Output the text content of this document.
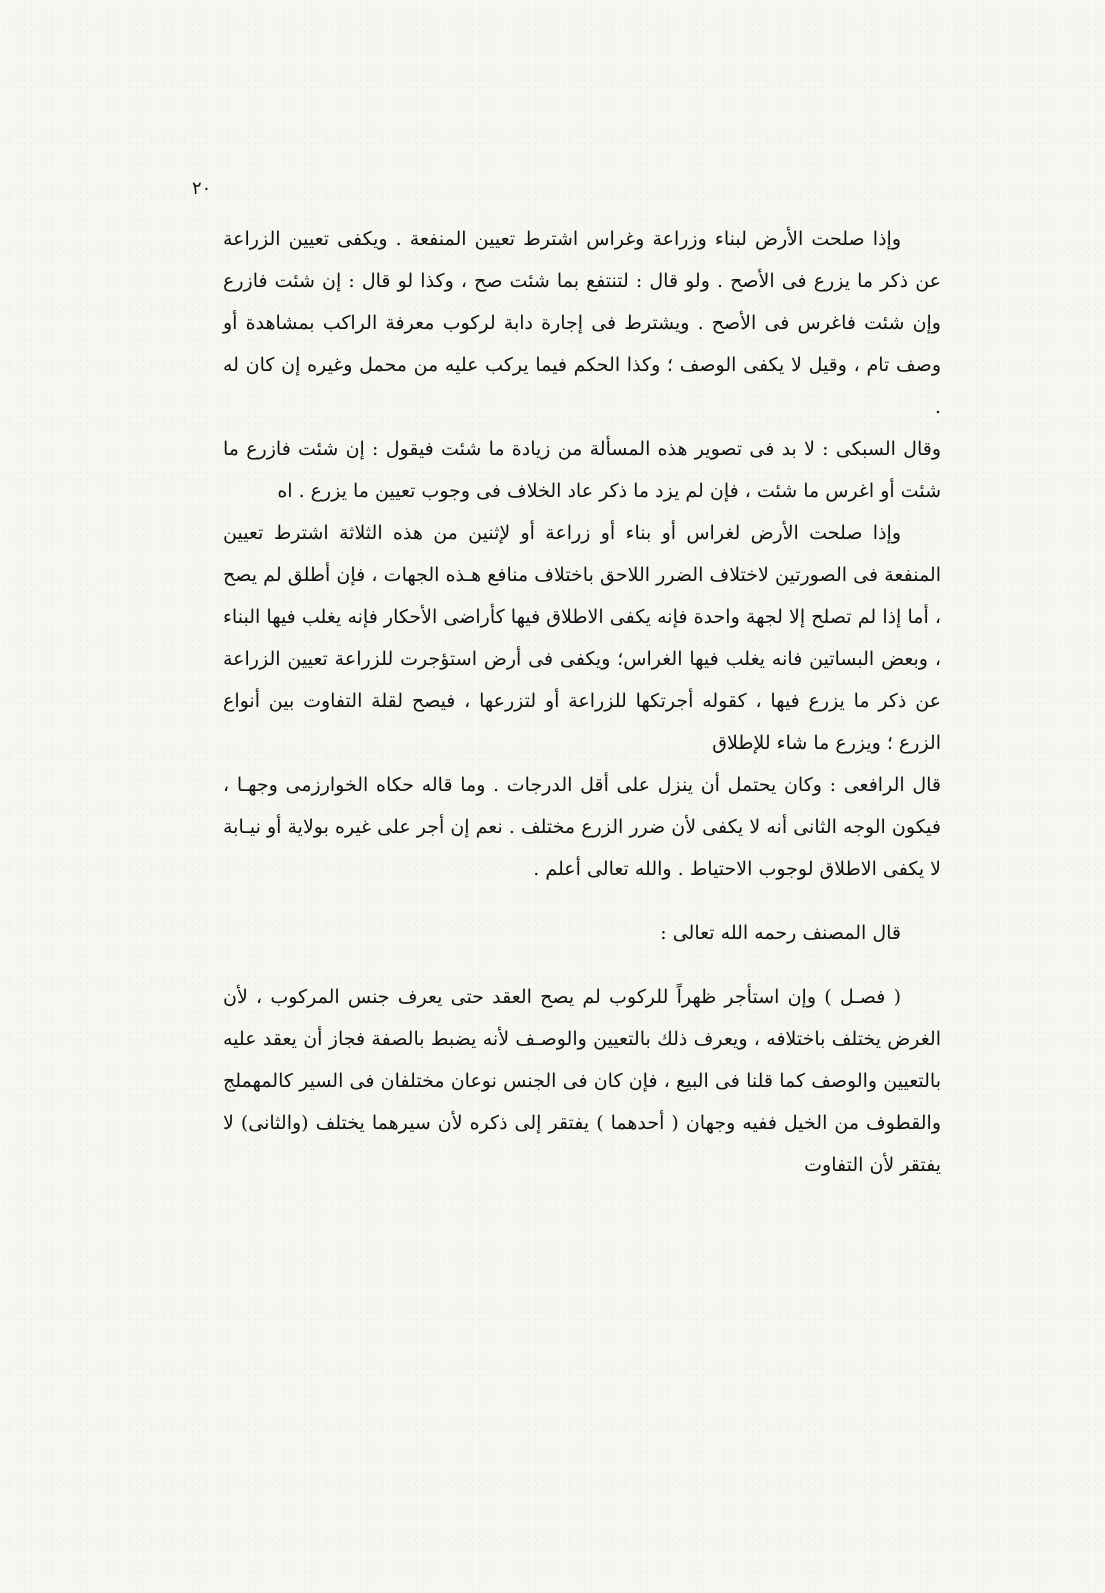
٢٠

وإذا صلحت الأرض لبناء وزراعة وغراس اشترط تعيين المنفعة . ويكفى تعيين الزراعة عن ذكر ما يزرع فى الأصح . ولو قال : لتنتفع بما شئت صح ، وكذا لو قال : إن شئت فازرع وإن شئت فاغرس فى الأصح . ويشترط فى إجارة دابة لركوب معرفة الراكب بمشاهدة أو وصف تام ، وقيل لا يكفى الوصف ؛ وكذا الحكم فيما يركب عليه من محمل وغيره إن كان له .

وقال السبكى : لا بد فى تصوير هذه المسألة من زيادة ما شئت فيقول : إن شئت فازرع ما شئت أو اغرس ما شئت ، فإن لم يزد ما ذكر عاد الخلاف فى وجوب تعيين ما يزرع . اه

وإذا صلحت الأرض لغراس أو بناء أو زراعة أو لإثنين من هذه الثلاثة اشترط تعيين المنفعة فى الصورتين لاختلاف الضرر اللاحق باختلاف منافع هـذه الجهات ، فإن أطلق لم يصح ، أما إذا لم تصلح إلا لجهة واحدة فإنه يكفى الاطلاق فيها كأراضى الأحكار فإنه يغلب فيها البناء ، وبعض البساتين فانه يغلب فيها الغراس؛ ويكفى فى أرض استؤجرت للزراعة تعيين الزراعة عن ذكر ما يزرع فيها ، كقوله أجرتكها للزراعة أو لتزرعها ، فيصح لقلة التفاوت بين أنواع الزرع ؛ ويزرع ما شاء للإطلاق

قال الرافعى : وكان يحتمل أن ينزل على أقل الدرجات . وما قاله حكاه الخوارزمى وجهـا ، فيكون الوجه الثانى أنه لا يكفى لأن ضرر الزرع مختلف . نعم إن أجر على غيره بولاية أو نيـابة لا يكفى الاطلاق لوجوب الاحتياط . والله تعالى أعلم .

قال المصنف رحمه الله تعالى :

( فصـل ) وإن استأجر ظهراً للركوب لم يصح العقد حتى يعرف جنس المركوب ، لأن الغرض يختلف باختلافه ، ويعرف ذلك بالتعيين والوصـف لأنه يضبط بالصفة فجاز أن يعقد عليه بالتعيين والوصف كما قلنا فى البيع ، فإن كان فى الجنس نوعان مختلفان فى السير كالمهملج والقطوف من الخيل ففيه وجهان ( أحدهما ) يفتقر إلى ذكره لأن سيرهما يختلف (والثانى) لا يفتقر لأن التفاوت
